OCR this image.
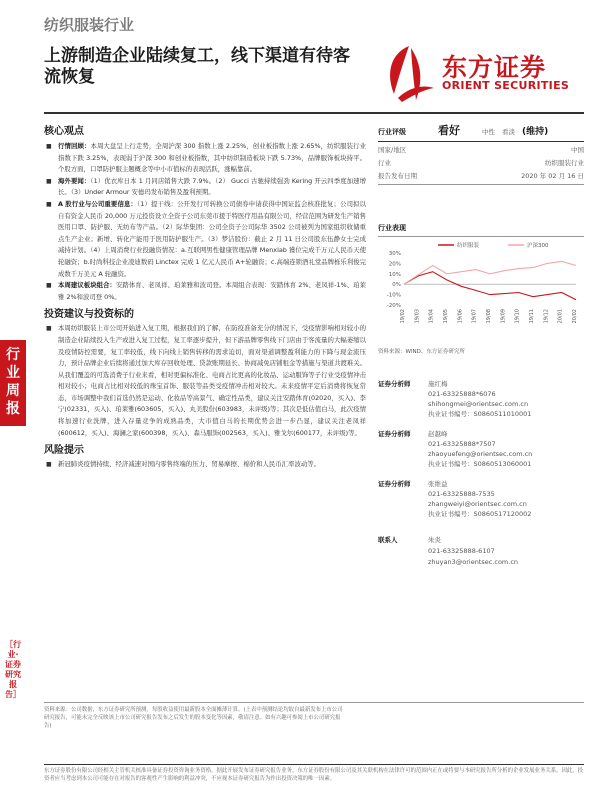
纺织服装行业
上游制造企业陆续复工，线下渠道有待客流恢复	东方证券
ORIENT SECURITIES
行业
周报
［行业·证券研究报告］
核心观点
■ 行情回顾：本周大盘呈上行走势，全周沪深 300 指数上涨 2.25%，创业板指数上涨 2.65%，纺织服装行业指数下跌 3.25%，表现弱于沪深 300 和创业板指数，其中纺织制造板块下跌 5.73%，品牌服饰板块持平。个股方面，口罩防护服主题概念等中小市值标的表现活跃，涨幅靠前。
■ 海外要闻：（1）优衣库日本 1 月同店销售大跌 7.9%。（2） Gucci 古驰持续强劲 Kering 开云四季度加速增长。（3）Under Armour 安德玛发布销售及盈利预期。
■ A 股行业与公司重要信息：（1）提干线：公开发行可转换公司债券申请获得中国证监会核准批复；公司拟以自有资金人民币 20,000 万元投资设立全资子公司东莞市援于特医疗用品有限公司，经营范围为研发生产销售医用口罩、防护服、无纺布等产品。（2）际华集团：公司全资子公司际华 3502 公司被列为国家组织收储重点生产企业；新增、转化产能用于医用防护服生产。（3）梦洁股份：截止 2 月 11 日公司股东伍静女士完成减持计划。（4）上周消费行业投融资情况：a.互联网男性健康管理品牌 Menxlab 獲位完成千万元人民币天使轮融资；b.时尚科技企业凌迪数码 Linctex 完成 1 亿元人民币 A+轮融资；c.高端连锁酒礼堂品牌栎乐利俊完成数千万美元 A 轮融资。
■ 本周建议板块组合：安踏体育、老凤祥、珀莱雅和波司登。本周组合表现：安踏体育 2%、老凤祥-1%、珀莱雅 2%和波司登 0%。
投资建议与投资标的
■ 本周纺织服装上市公司开始进入复工期，根据我们的了解，在防疫准备充分的情况下，受疫情影响相对较小的制造企业陆续投入生产或进入复工过程，复工率逐步提升，但下游品牌零售线下门店由于客流量的大幅萎缩以及疫情防控需要，复工率较低，线下向线上销售转移的需求迫切，面对渠道调整盈利能力的下降与现金流压力，预计品牌企业后续将通过加大库存回收处理、贷款账期延长、协商减免店铺租金等措施与渠道共渡难关。从我们覆盖的可选消费子行业来看，相对更偏标准化、电商占比更高的化妆品、运动服饰等子行业受疫情冲击相对较小；电商占比相对较低的珠宝首饰、服装等品类受疫情冲击相对较大。未来疫情平定后消费将恢复常态，市场调整中我们首选仍然是运动、化妆品等高景气、确定性品类，建议关注安踏体育(02020，买入)、李宁(02331，买入)、珀莱雅(603605，买入)、丸美股份(603983，未评级)等；其次是低估值白马，此次疫情将加速行业洗牌，进入存量竞争的成熟品类，大市值白马的长期优势会进一步凸显，建议关注老凤祥(600612，买入)、海澜之家(600398，买入)、森马服饰(002563，买入)、雅戈尔(600177，未评级)等。
风险提示
■ 新冠肺炎疫情持续、经济减速对国内零售终端的压力、贸易摩擦、棉价和人民币汇率波动等。
行业评级	看好	中性	看淡 (维持)
国家/地区	中国
行业	纺织服装行业
报告发布日期	2020 年 02 月 16 日
行业表现
30%
20%
10%
0%
-10%
-20%
纺织服装	沪深300
19/02 19/03 19/04 19/05 19/06 19/07 19/08 19/09 19/10 19/11 19/12 20/01 20/02
资料来源：WIND、东方证券研究所
证券分析师	施红梅
021-63325888*6076
shihongmei@orientsec.com.cn
执业证书编号：S0860511010001
证券分析师	赵越峰
021-63325888*7507
zhaoyuefeng@orientsec.com.cn
执业证书编号：S0860513060001
证券分析师	张维益
021-63325888-7535
zhangweiyi@orientsec.com.cn
执业证书编号：S0860517120002
联系人	朱炎
021-63325888-6107
zhuyan3@orientsec.com.cn
资料来源：公司数据，东方证券研究所预测，每股收益使用最新股本全面摊薄计算。(上表中预测结论均取自最新发布上市公司研究报告，可能未完全反映该上市公司研究报告发布之后发生的股本变化等因素，敬请注意。如有兴趣可参阅上市公司研究报告)
东方证券股份有限公司经相关主管机关核准具备证券投资咨询业务资格，据此开展发布证券研究报告业务。东方证券股份有限公司及其关联机构在法律许可的范围内正在或将要与本研究报告所分析的企业发展业务关系。因此，投资者应当考虑到本公司可能存在对报告的客观性产生影响的利益冲突，不应视本证券研究报告为作出投资决策的唯一因素。
